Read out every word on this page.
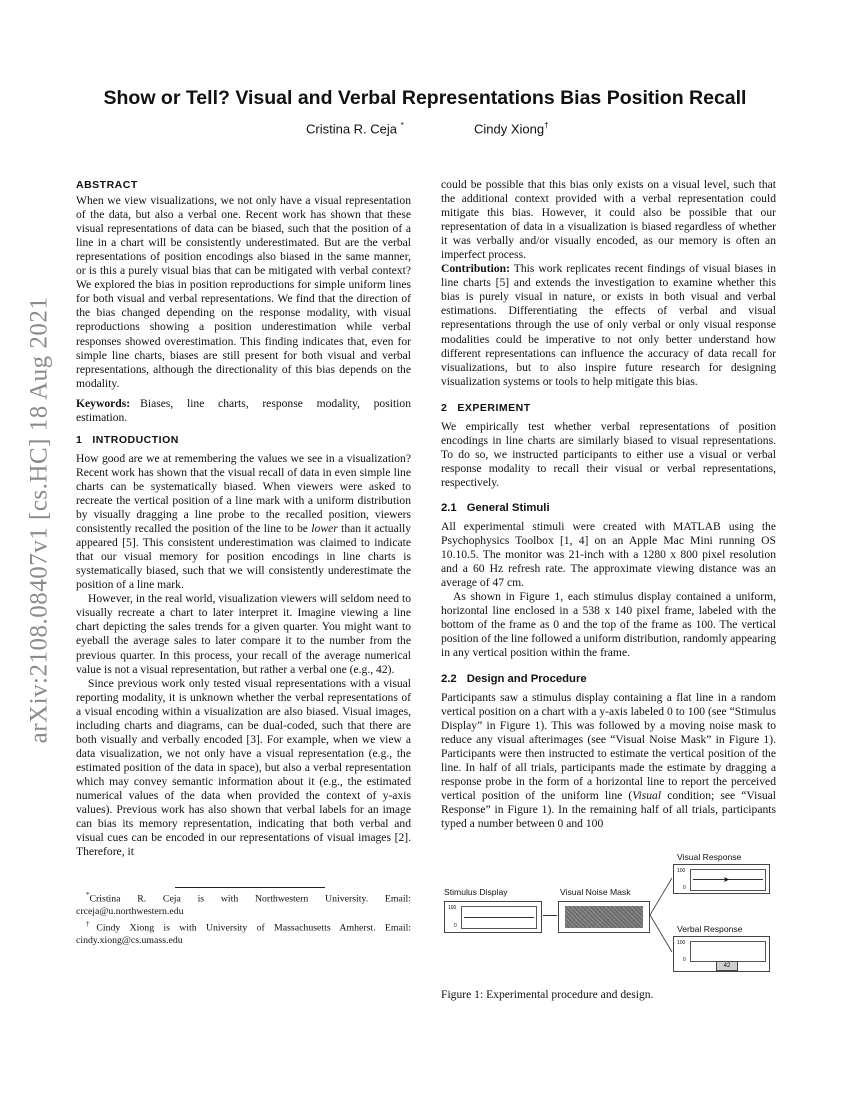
arXiv:2108.08407v1 [cs.HC] 18 Aug 2021
Show or Tell? Visual and Verbal Representations Bias Position Recall
Cristina R. Ceja *	Cindy Xiong†
ABSTRACT

When we view visualizations, we not only have a visual representation of the data, but also a verbal one. Recent work has shown that these visual representations of data can be biased, such that the position of a line in a chart will be consistently underestimated. But are the verbal representations of position encodings also biased in the same manner, or is this a purely visual bias that can be mitigated with verbal context? We explored the bias in position reproductions for simple uniform lines for both visual and verbal representations. We find that the direction of the bias changed depending on the response modality, with visual reproductions showing a position underestimation while verbal responses showed overestimation. This finding indicates that, even for simple line charts, biases are still present for both visual and verbal representations, although the directionality of this bias depends on the modality.

Keywords: Biases, line charts, response modality, position estimation.

1 INTRODUCTION

How good are we at remembering the values we see in a visualization? Recent work has shown that the visual recall of data in even simple line charts can be systematically biased. When viewers were asked to recreate the vertical position of a line mark with a uniform distribution by visually dragging a line probe to the recalled position, viewers consistently recalled the position of the line to be lower than it actually appeared [5]. This consistent underestimation was claimed to indicate that our visual memory for position encodings in line charts is systematically biased, such that we will consistently underestimate the position of a line mark.

However, in the real world, visualization viewers will seldom need to visually recreate a chart to later interpret it. Imagine viewing a line chart depicting the sales trends for a given quarter. You might want to eyeball the average sales to later compare it to the number from the previous quarter. In this process, your recall of the average numerical value is not a visual representation, but rather a verbal one (e.g., 42).

Since previous work only tested visual representations with a visual reporting modality, it is unknown whether the verbal representations of a visual encoding within a visualization are also biased. Visual images, including charts and diagrams, can be dual-coded, such that there are both visually and verbally encoded [3]. For example, when we view a data visualization, we not only have a visual representation (e.g., the estimated position of the data in space), but also a verbal representation which may convey semantic information about it (e.g., the estimated numerical values of the data when provided the context of y-axis values). Previous work has also shown that verbal labels for an image can bias its memory representation, indicating that both verbal and visual cues can be encoded in our representations of visual images [2]. Therefore, it

*Cristina R. Ceja is with Northwestern University. Email: crceja@u.northwestern.edu

†Cindy Xiong is with University of Massachusetts Amherst. Email: cindy.xiong@cs.umass.edu

could be possible that this bias only exists on a visual level, such that the additional context provided with a verbal representation could mitigate this bias. However, it could also be possible that our representation of data in a visualization is biased regardless of whether it was verbally and/or visually encoded, as our memory is often an imperfect process.

Contribution: This work replicates recent findings of visual biases in line charts [5] and extends the investigation to examine whether this bias is purely visual in nature, or exists in both visual and verbal estimations. Differentiating the effects of verbal and visual representations through the use of only verbal or only visual response modalities could be imperative to not only better understand how different representations can influence the accuracy of data recall for visualizations, but to also inspire future research for designing visualization systems or tools to help mitigate this bias.

2 EXPERIMENT

We empirically test whether verbal representations of position encodings in line charts are similarly biased to visual representations. To do so, we instructed participants to either use a visual or verbal response modality to recall their visual or verbal representations, respectively.

2.1 General Stimuli

All experimental stimuli were created with MATLAB using the Psychophysics Toolbox [1, 4] on an Apple Mac Mini running OS 10.10.5. The monitor was 21-inch with a 1280 x 800 pixel resolution and a 60 Hz refresh rate. The approximate viewing distance was an average of 47 cm.

As shown in Figure 1, each stimulus display contained a uniform, horizontal line enclosed in a 538 x 140 pixel frame, labeled with the bottom of the frame as 0 and the top of the frame as 100. The vertical position of the line followed a uniform distribution, randomly appearing in any vertical position within the frame.

2.2 Design and Procedure

Participants saw a stimulus display containing a flat line in a random vertical position on a chart with a y-axis labeled 0 to 100 (see “Stimulus Display” in Figure 1). This was followed by a moving noise mask to reduce any visual afterimages (see “Visual Noise Mask” in Figure 1). Participants were then instructed to estimate the vertical position of the line. In half of all trials, participants made the estimate by dragging a response probe in the form of a horizontal line to report the perceived vertical position of the uniform line (Visual condition; see “Visual Response” in Figure 1). In the remaining half of all trials, participants typed a number between 0 and 100

Stimulus Display
100
0
Visual Noise Mask
Visual Response
100
0
➤
Verbal Response
100
0
42
Figure 1: Experimental procedure and design.
